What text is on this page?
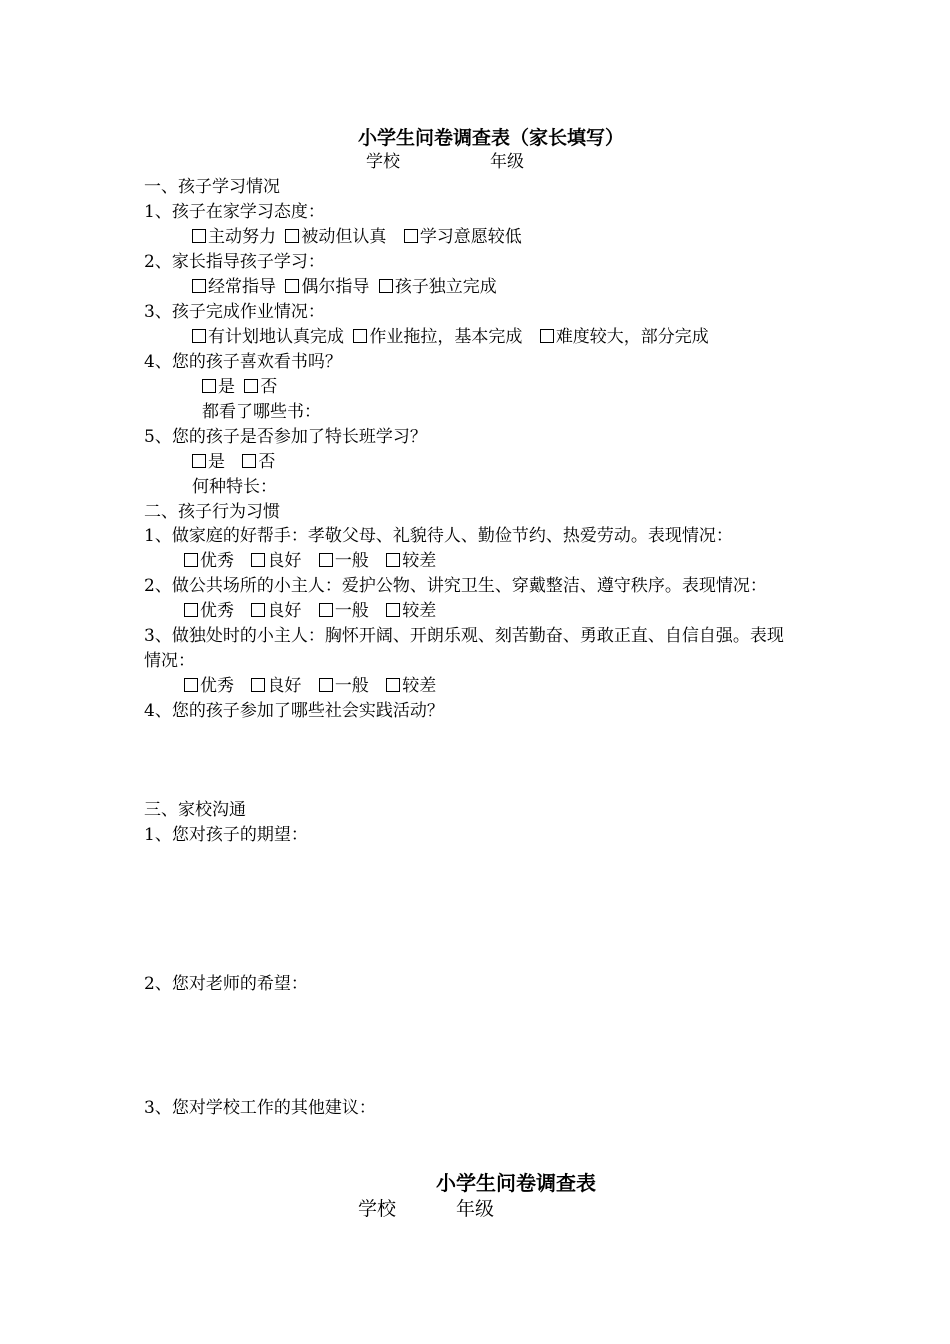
小学生问卷调查表（家长填写）
学校	年级
一、孩子学习情况
1、孩子在家学习态度：
主动努力 被动但认真 学习意愿较低
2、家长指导孩子学习：
经常指导 偶尔指导 孩子独立完成
3、孩子完成作业情况：
有计划地认真完成 作业拖拉，基本完成 难度较大，部分完成
4、您的孩子喜欢看书吗？
是 否
都看了哪些书：
5、您的孩子是否参加了特长班学习？
是 否
何种特长：
二、孩子行为习惯
1、做家庭的好帮手：孝敬父母、礼貌待人、勤俭节约、热爱劳动。表现情况：
优秀 良好 一般 较差
2、做公共场所的小主人：爱护公物、讲究卫生、穿戴整洁、遵守秩序。表现情况：
优秀 良好 一般 较差
3、做独处时的小主人：胸怀开阔、开朗乐观、刻苦勤奋、勇敢正直、自信自强。表现
情况：
优秀 良好 一般 较差
4、您的孩子参加了哪些社会实践活动？
三、家校沟通
1、您对孩子的期望：
2、您对老师的希望：
3、您对学校工作的其他建议：
小学生问卷调查表
学校	年级
